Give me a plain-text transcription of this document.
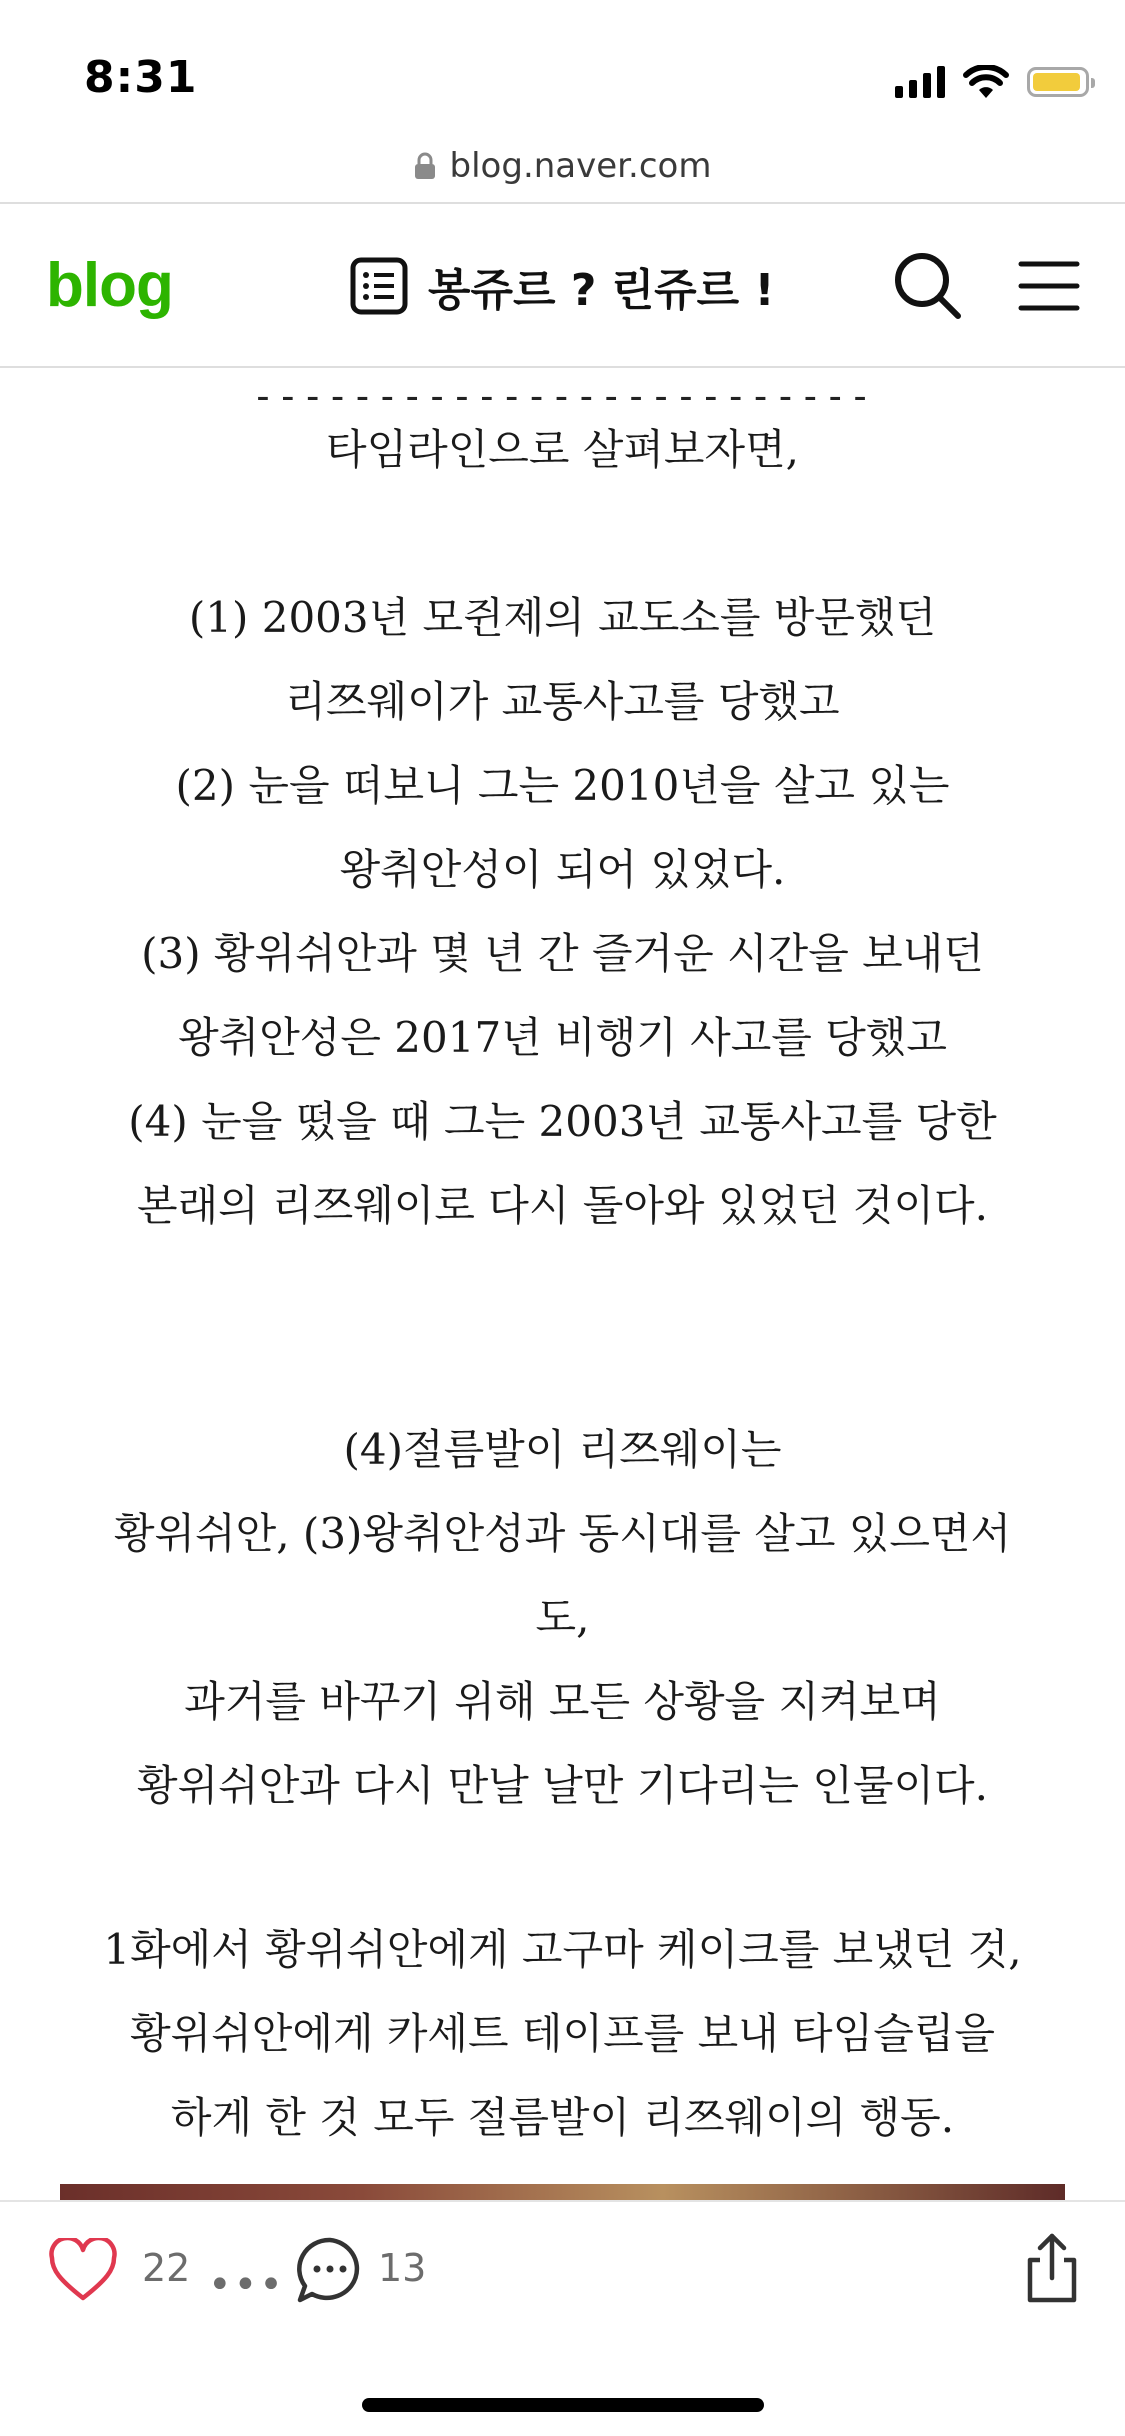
8:31
blog.naver.com
blog	봉쥬르 ? 린쥬르 !
-------------------------
타임라인으로 살펴보자면,
(1) 2003년 모쥔제의 교도소를 방문했던
리쯔웨이가 교통사고를 당했고
(2) 눈을 떠보니 그는 2010년을 살고 있는
왕취안성이 되어 있었다.
(3) 황위쉬안과 몇 년 간 즐거운 시간을 보내던
왕취안성은 2017년 비행기 사고를 당했고
(4) 눈을 떴을 때 그는 2003년 교통사고를 당한
본래의 리쯔웨이로 다시 돌아와 있었던 것이다.
(4)절름발이 리쯔웨이는
황위쉬안, (3)왕취안성과 동시대를 살고 있으면서
도,
과거를 바꾸기 위해 모든 상황을 지켜보며
황위쉬안과 다시 만날 날만 기다리는 인물이다.
1화에서 황위쉬안에게 고구마 케이크를 보냈던 것,
황위쉬안에게 카세트 테이프를 보내 타임슬립을
하게 한 것 모두 절름발이 리쯔웨이의 행동.
22 ••• 13
